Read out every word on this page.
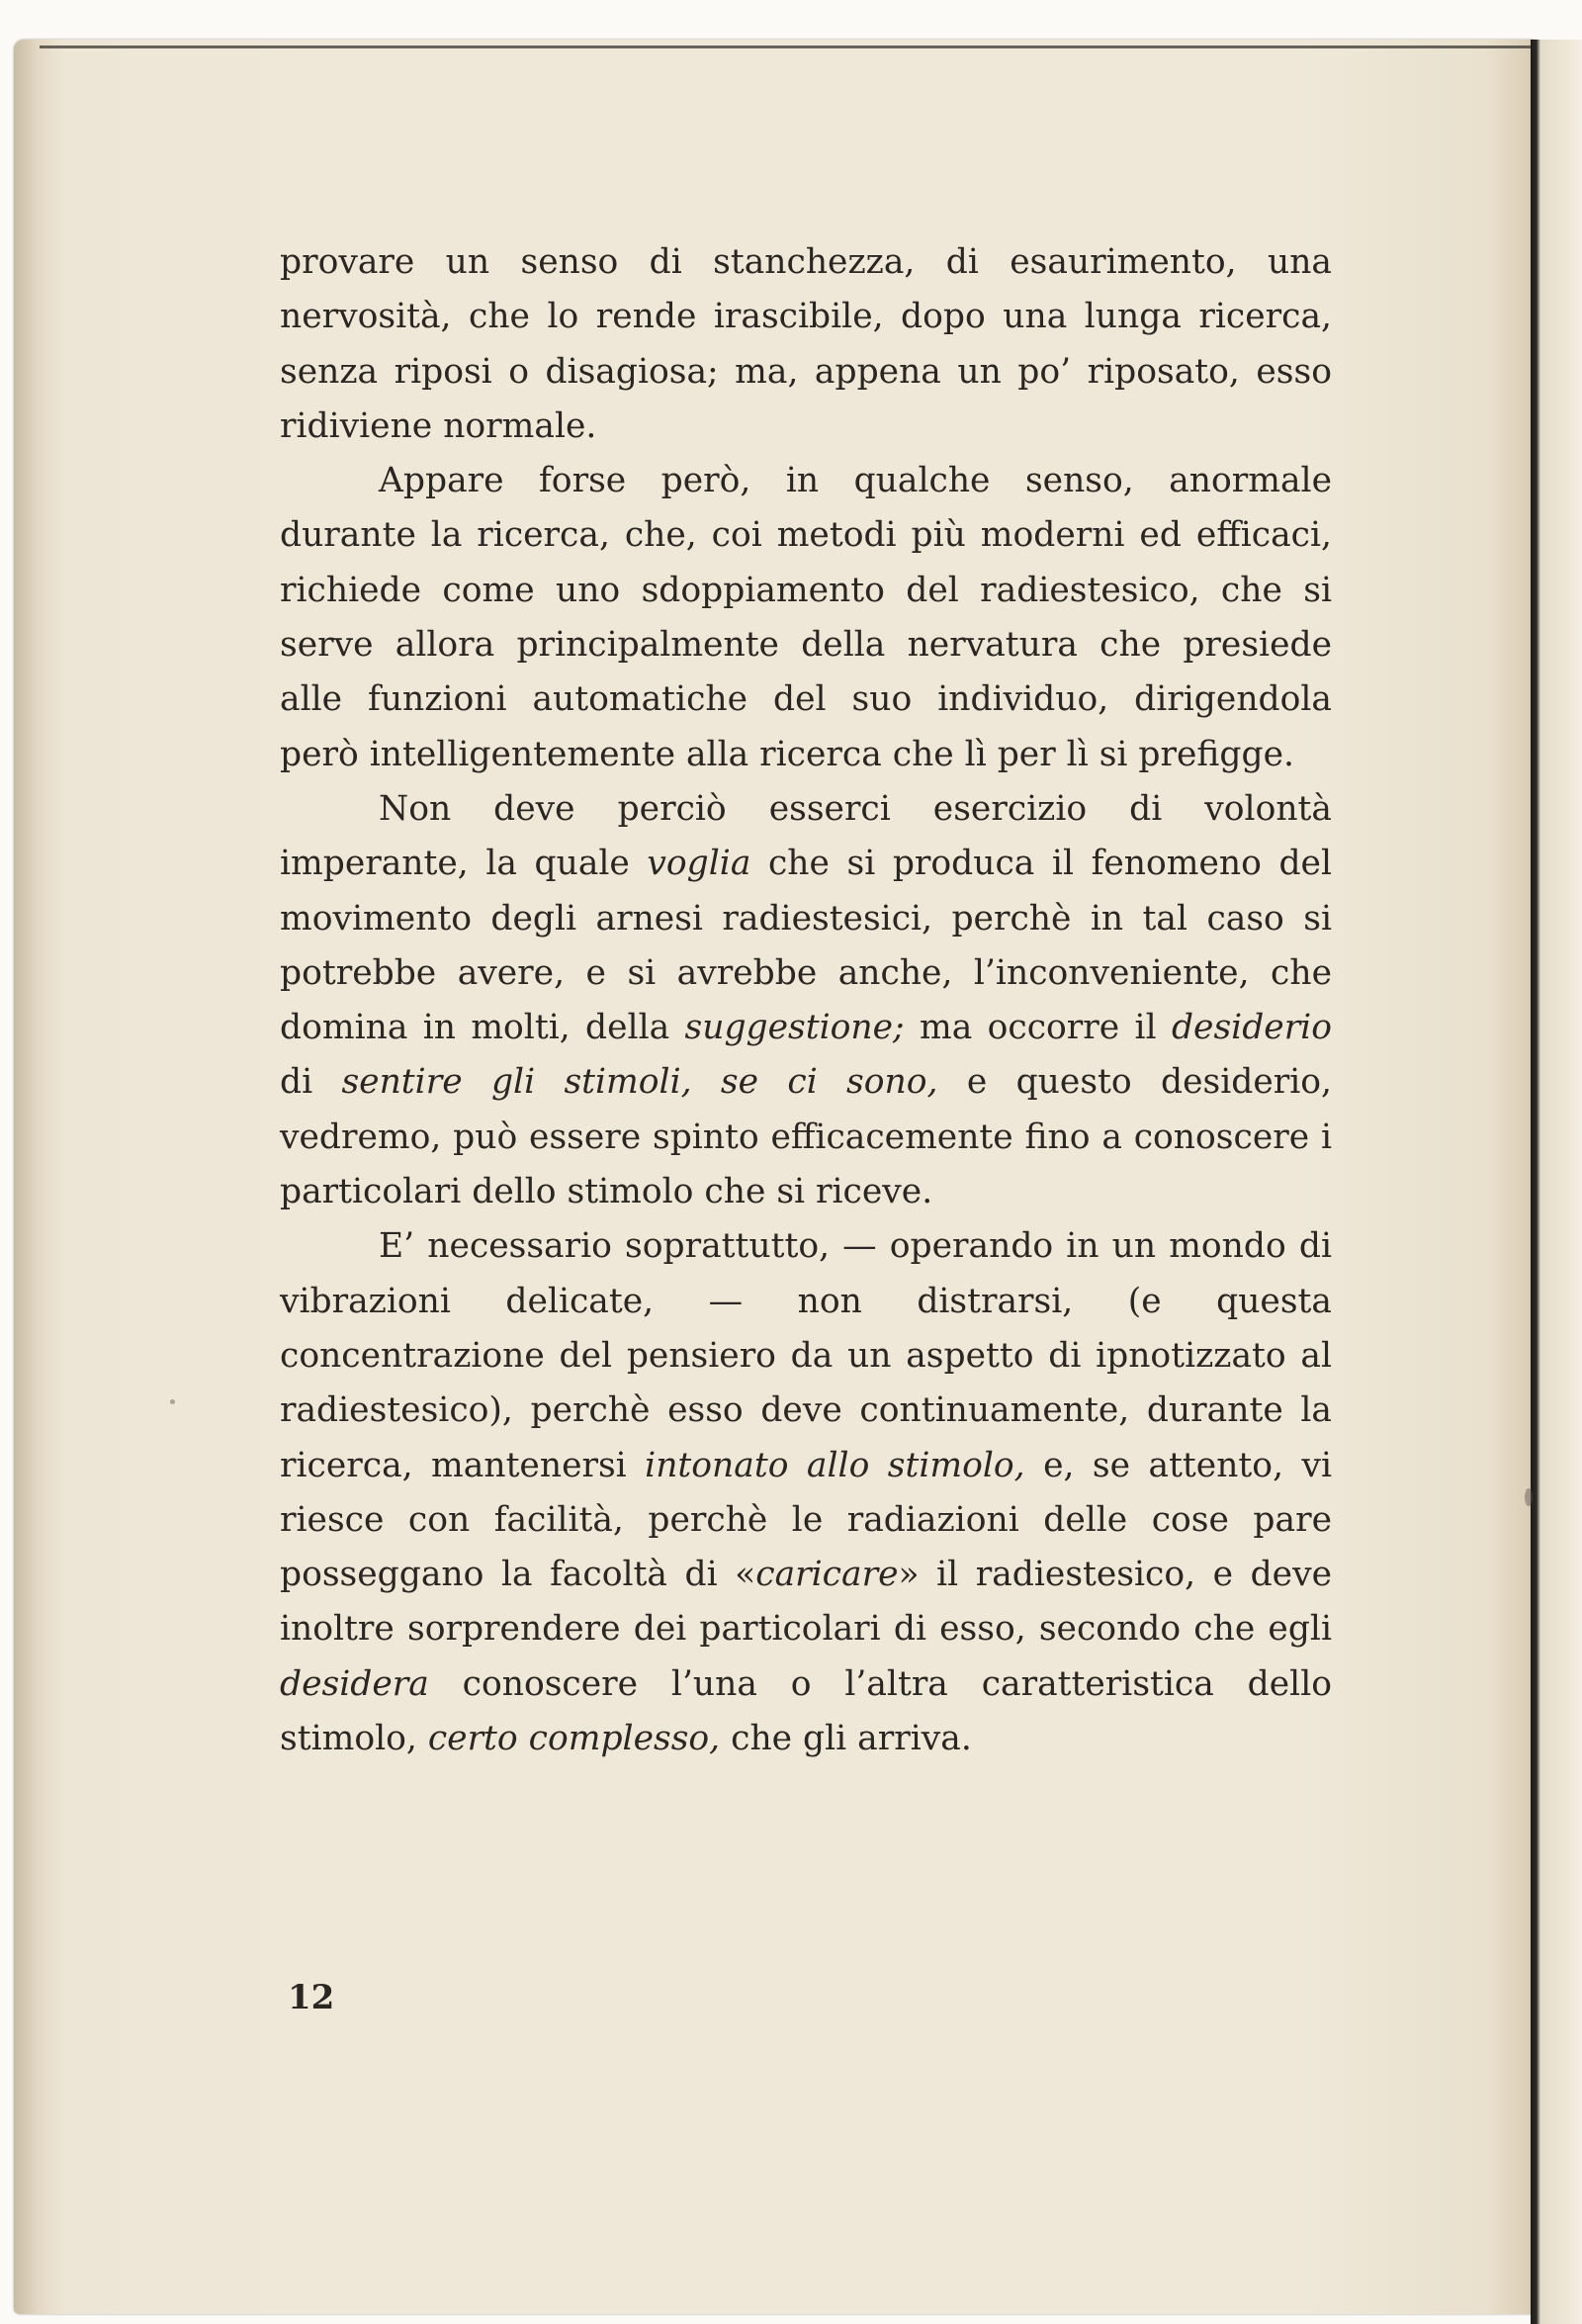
provare un senso di stanchezza, di esaurimento, una nervosità, che lo rende irascibile, dopo una lunga ricerca, senza riposi o disagiosa; ma, appena un po’ riposato, esso ridiviene normale.

Appare forse però, in qualche senso, anormale durante la ricerca, che, coi metodi più moderni ed efficaci, richiede come uno sdoppiamento del radiestesico, che si serve allora principalmente della nervatura che presiede alle funzioni automatiche del suo individuo, dirigendola però intelligentemente alla ricerca che lì per lì si prefigge.

Non deve perciò esserci esercizio di volontà imperante, la quale voglia che si produca il fenomeno del movimento degli arnesi radiestesici, perchè in tal caso si potrebbe avere, e si avrebbe anche, l’inconveniente, che domina in molti, della suggestione; ma occorre il desiderio di sentire gli stimoli, se ci sono, e questo desiderio, vedremo, può essere spinto efficacemente fino a conoscere i particolari dello stimolo che si riceve.

E’ necessario soprattutto, — operando in un mondo di vibrazioni delicate, — non distrarsi, (e questa concentrazione del pensiero da un aspetto di ipnotizzato al radiestesico), perchè esso deve continuamente, durante la ricerca, mantenersi intonato allo stimolo, e, se attento, vi riesce con facilità, perchè le radiazioni delle cose pare posseggano la facoltà di «caricare» il radiestesico, e deve inoltre sorprendere dei particolari di esso, secondo che egli desidera conoscere l’una o l’altra caratteristica dello stimolo, certo complesso, che gli arriva.

12
